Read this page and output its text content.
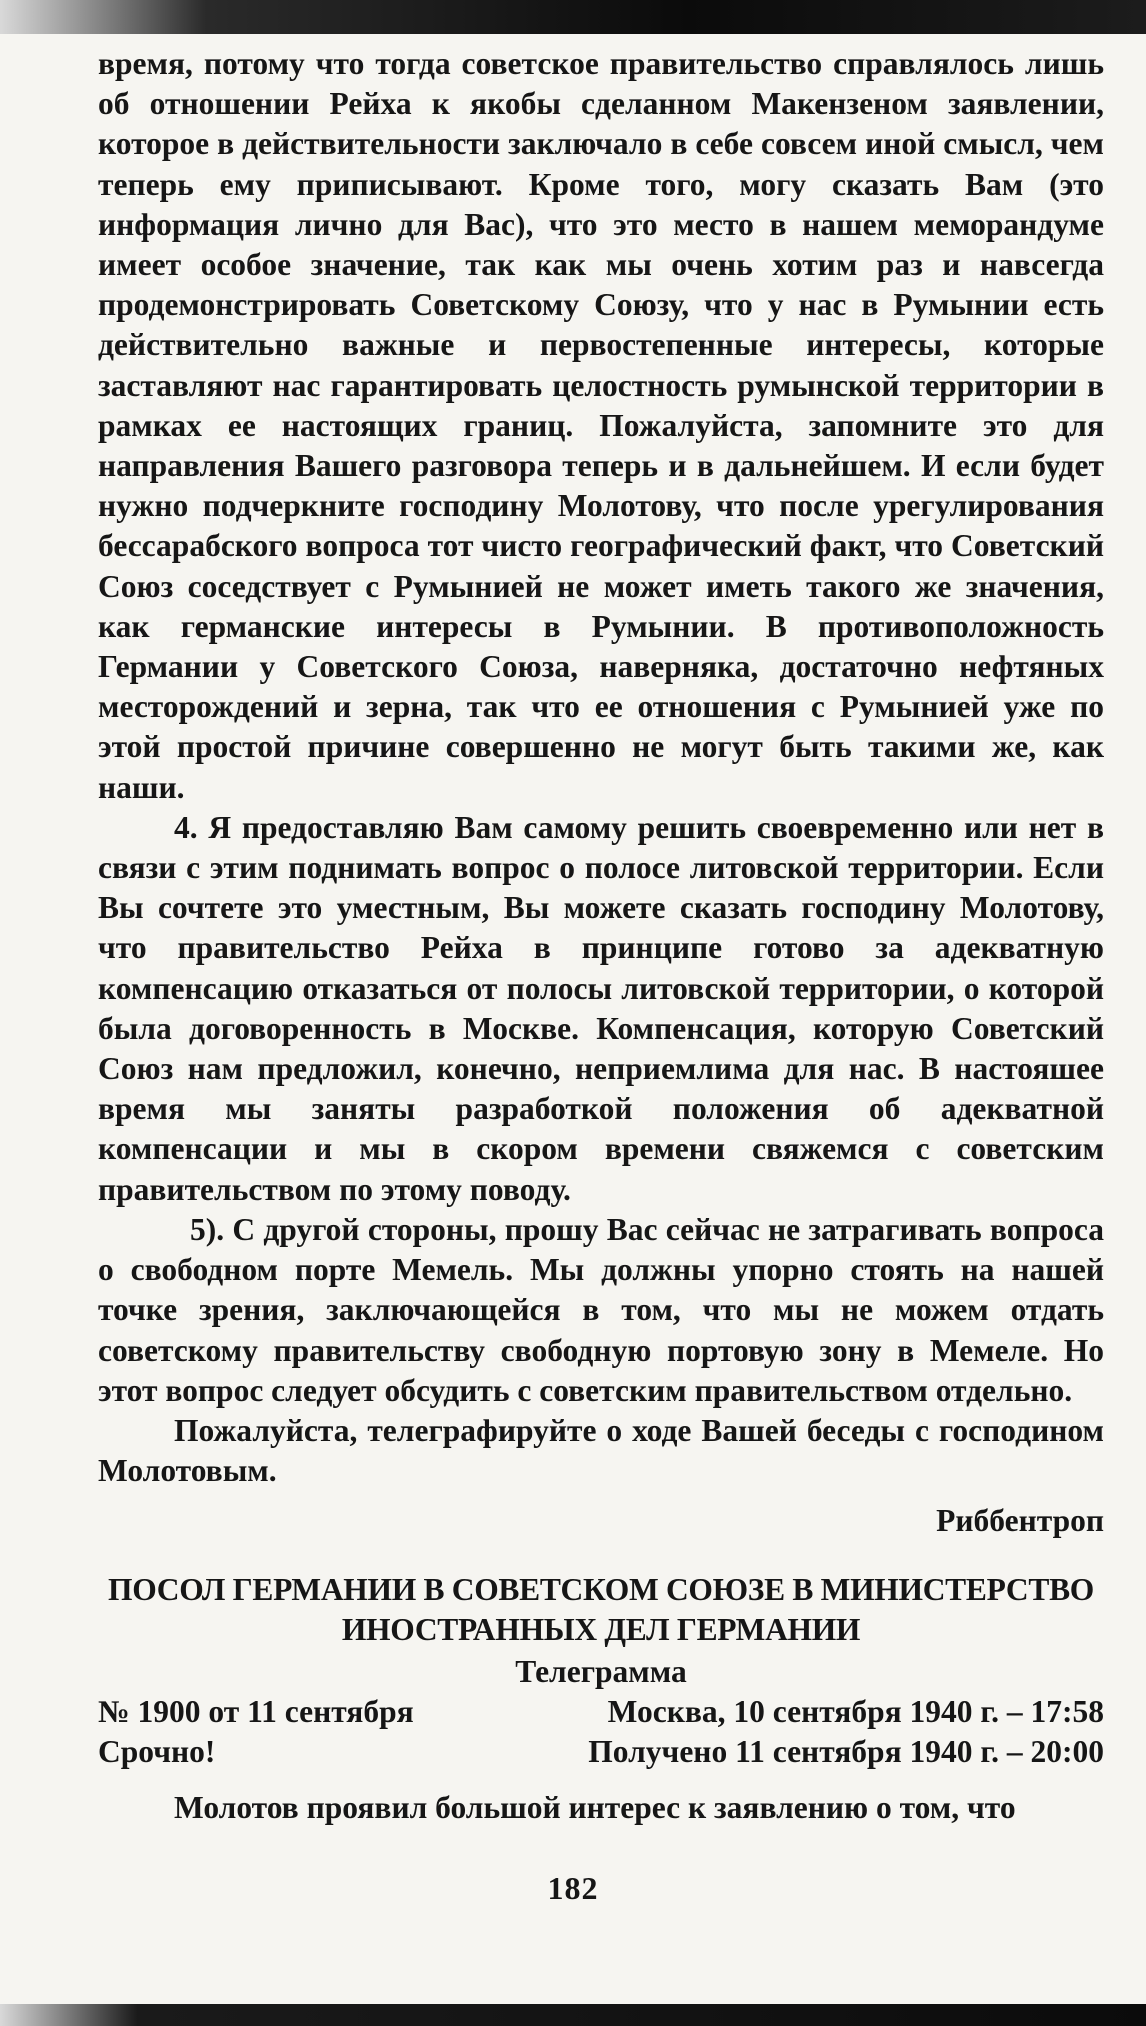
время, потому что тогда советское правительство справлялось лишь об отношении Рейха к якобы сделанном Макензеном заявлении, которое в действительности заключало в себе совсем иной смысл, чем теперь ему приписывают. Кроме того, могу сказать Вам (это информация лично для Вас), что это место в нашем меморандуме имеет особое значение, так как мы очень хотим раз и навсегда продемонстрировать Советскому Союзу, что у нас в Румынии есть действительно важные и первостепенные интересы, которые заставляют нас гарантировать целостность румынской территории в рамках ее настоящих границ. Пожалуйста, запомните это для направления Вашего разговора теперь и в дальнейшем. И если будет нужно подчеркните господину Молотову, что после урегулирования бессарабского вопроса тот чисто географический факт, что Советский Союз соседствует с Румынией не может иметь такого же значения, как германские интересы в Румынии. В противоположность Германии у Советского Союза, наверняка, достаточно нефтяных месторождений и зерна, так что ее отношения с Румынией уже по этой простой причине совершенно не могут быть такими же, как наши.

4. Я предоставляю Вам самому решить своевременно или нет в связи с этим поднимать вопрос о полосе литовской территории. Если Вы сочтете это уместным, Вы можете сказать господину Молотову, что правительство Рейха в принципе готово за адекватную компенсацию отказаться от полосы литовской территории, о которой была договоренность в Москве. Компенсация, которую Советский Союз нам предложил, конечно, неприемлима для нас. В настояшее время мы заняты разработкой положения об адекватной компенсации и мы в скором времени свяжемся с советским правительством по этому поводу.

5). С другой стороны, прошу Вас сейчас не затрагивать вопроса о свободном порте Мемель. Мы должны упорно стоять на нашей точке зрения, заключающейся в том, что мы не можем отдать советскому правительству свободную портовую зону в Мемеле. Но этот вопрос следует обсудить с советским правительством отдельно.

Пожалуйста, телеграфируйте о ходе Вашей беседы с господином Молотовым.

Риббентроп

ПОСОЛ ГЕРМАНИИ В СОВЕТСКОМ СОЮЗЕ В МИНИСТЕРСТВО
ИНОСТРАННЫХ ДЕЛ ГЕРМАНИИ

Телеграмма

№ 1900 от 11 сентября	Москва, 10 сентября 1940 г. – 17:58
Срочно!	Получено 11 сентября 1940 г. – 20:00

Молотов проявил большой интерес к заявлению о том, что

182
